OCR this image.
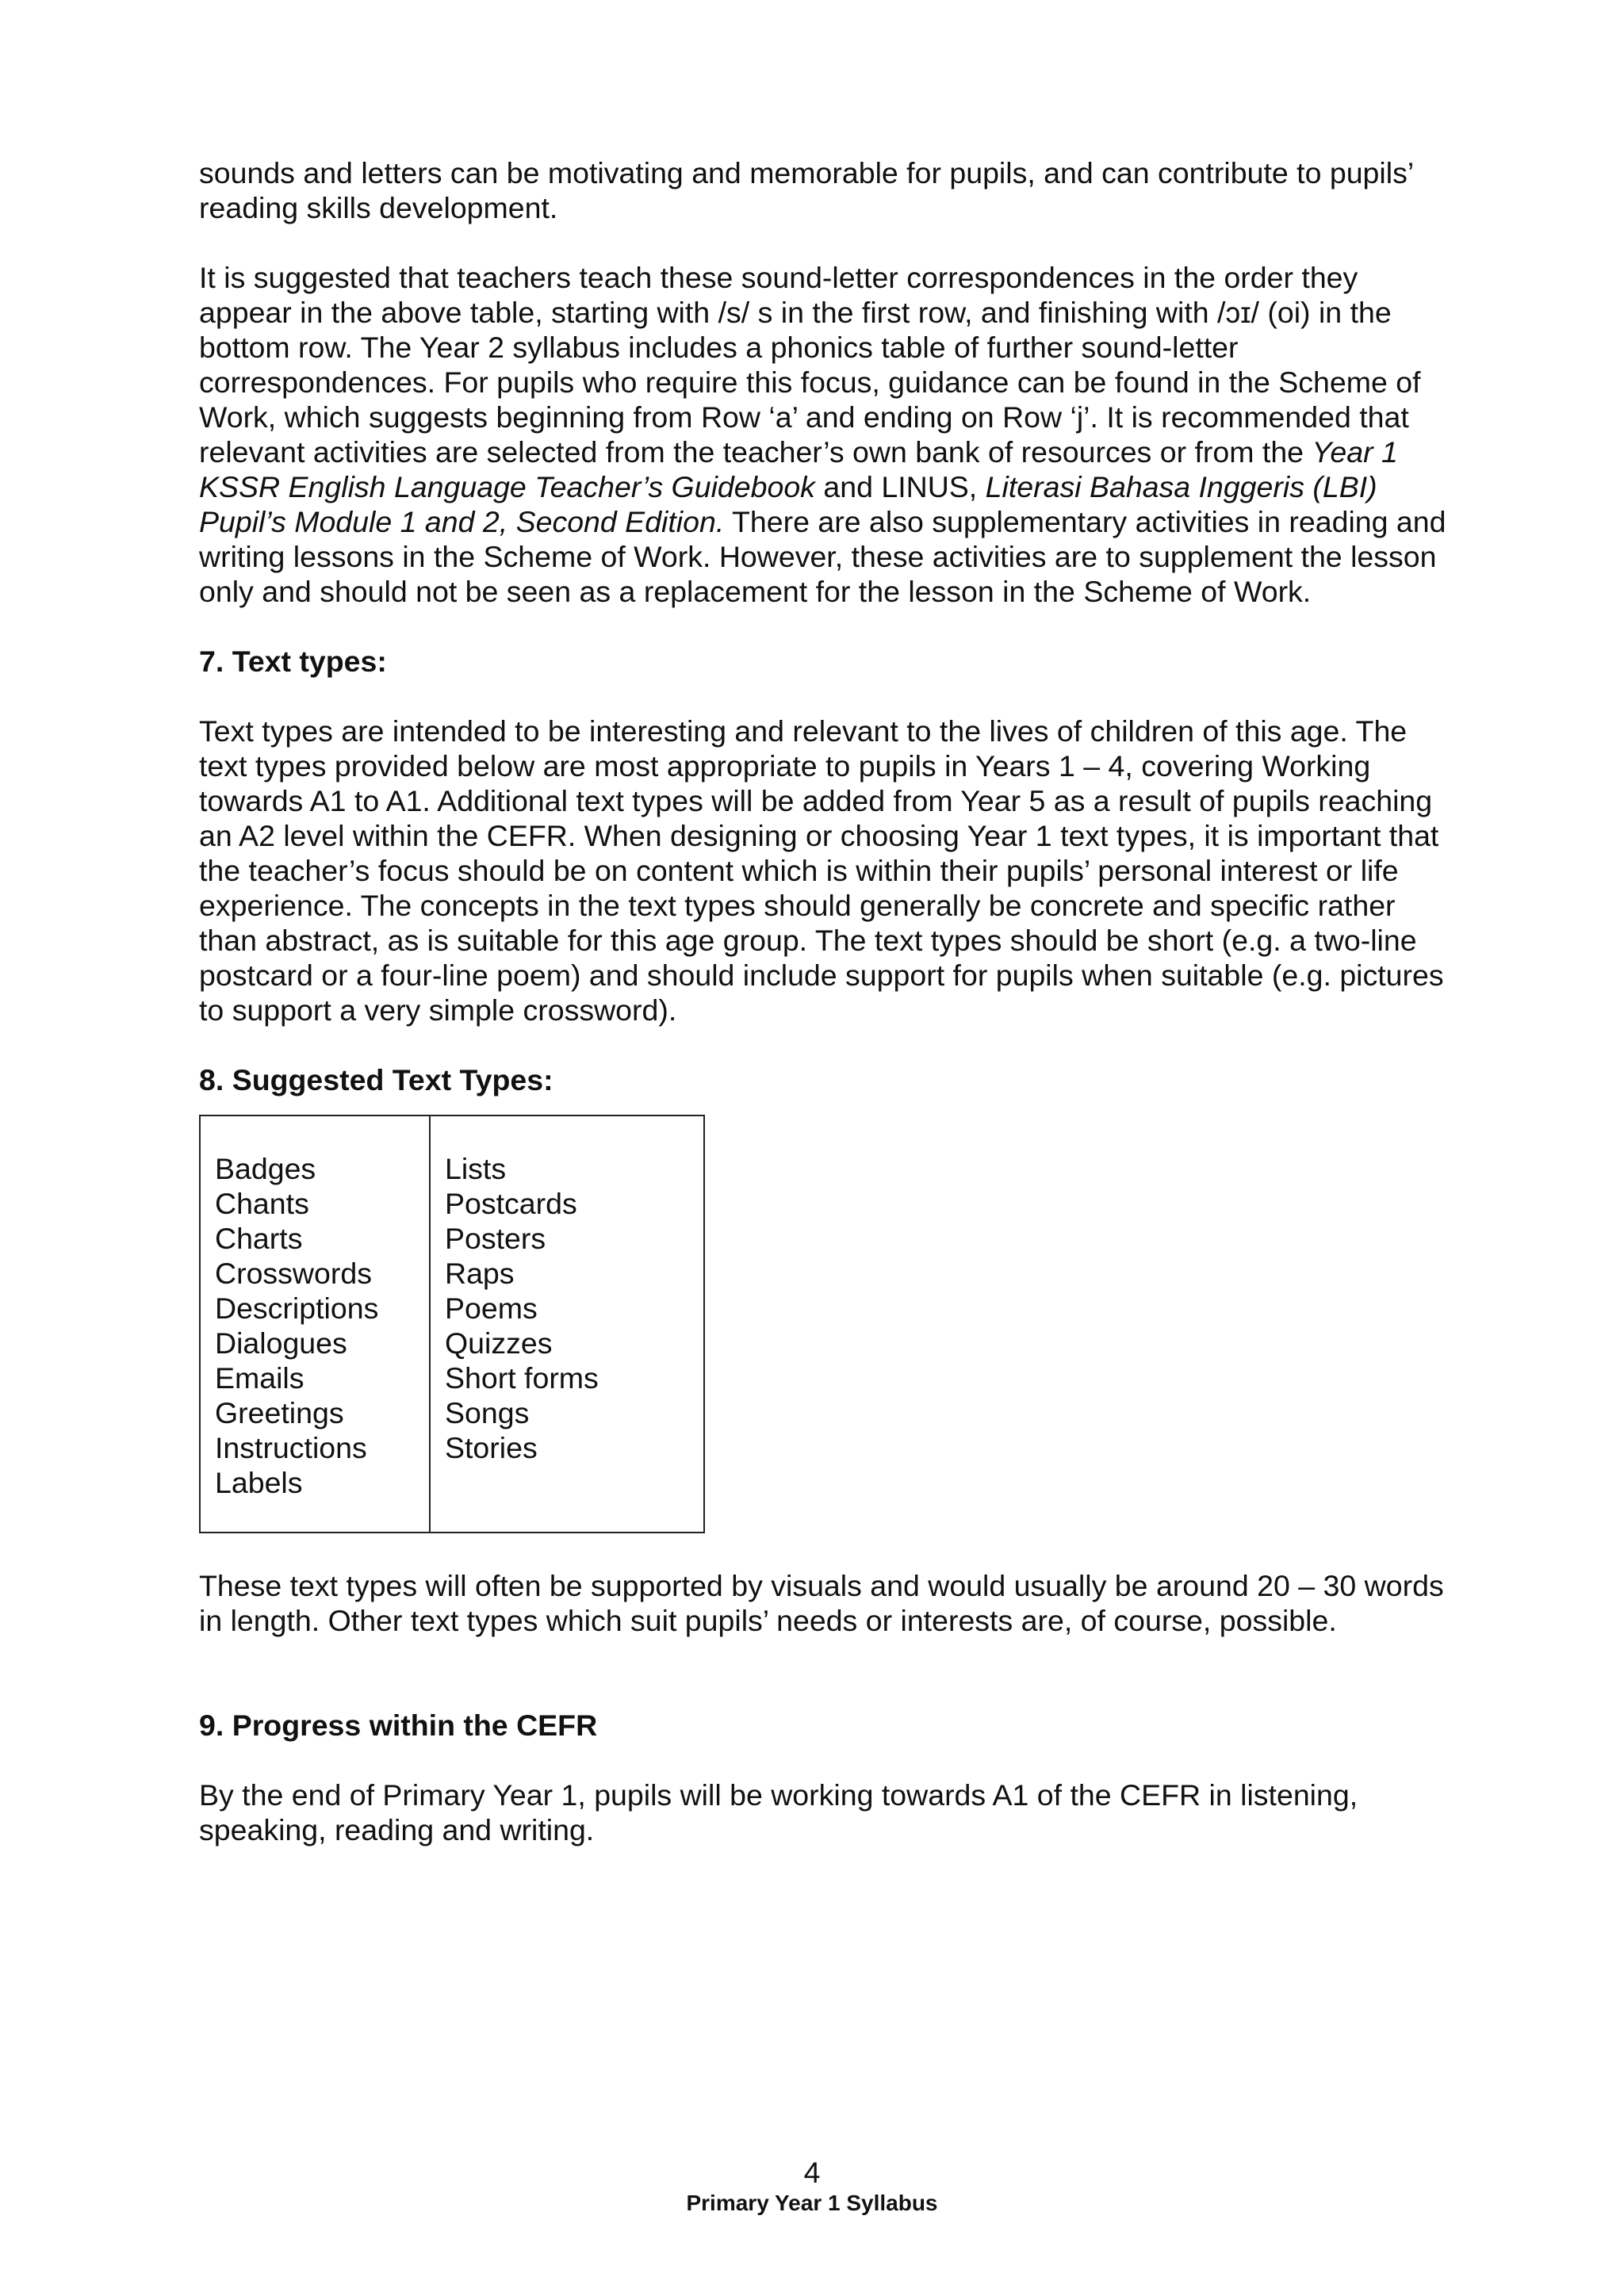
sounds and letters can be motivating and memorable for pupils, and can contribute to pupils’ reading skills development.

It is suggested that teachers teach these sound-letter correspondences in the order they appear in the above table, starting with /s/ s in the first row, and finishing with /ɔɪ/ (oi) in the bottom row. The Year 2 syllabus includes a phonics table of further sound-letter correspondences. For pupils who require this focus, guidance can be found in the Scheme of Work, which suggests beginning from Row ‘a’ and ending on Row ‘j’. It is recommended that relevant activities are selected from the teacher’s own bank of resources or from the Year 1 KSSR English Language Teacher’s Guidebook and LINUS, Literasi Bahasa Inggeris (LBI) Pupil’s Module 1 and 2, Second Edition. There are also supplementary activities in reading and writing lessons in the Scheme of Work. However, these activities are to supplement the lesson only and should not be seen as a replacement for the lesson in the Scheme of Work.

7. Text types:

Text types are intended to be interesting and relevant to the lives of children of this age. The text types provided below are most appropriate to pupils in Years 1 – 4, covering Working towards A1 to A1. Additional text types will be added from Year 5 as a result of pupils reaching an A2 level within the CEFR. When designing or choosing Year 1 text types, it is important that the teacher’s focus should be on content which is within their pupils’ personal interest or life experience. The concepts in the text types should generally be concrete and specific rather than abstract, as is suitable for this age group. The text types should be short (e.g. a two-line postcard or a four-line poem) and should include support for pupils when suitable (e.g. pictures to support a very simple crossword).

8. Suggested Text Types:
Badges
Chants
Charts
Crosswords
Descriptions
Dialogues
Emails
Greetings
Instructions
Labels

Lists
Postcards
Posters
Raps
Poems
Quizzes
Short forms
Songs
Stories

These text types will often be supported by visuals and would usually be around 20 – 30 words in length. Other text types which suit pupils’ needs or interests are, of course, possible.

9. Progress within the CEFR

By the end of Primary Year 1, pupils will be working towards A1 of the CEFR in listening, speaking, reading and writing.

4
Primary Year 1 Syllabus
